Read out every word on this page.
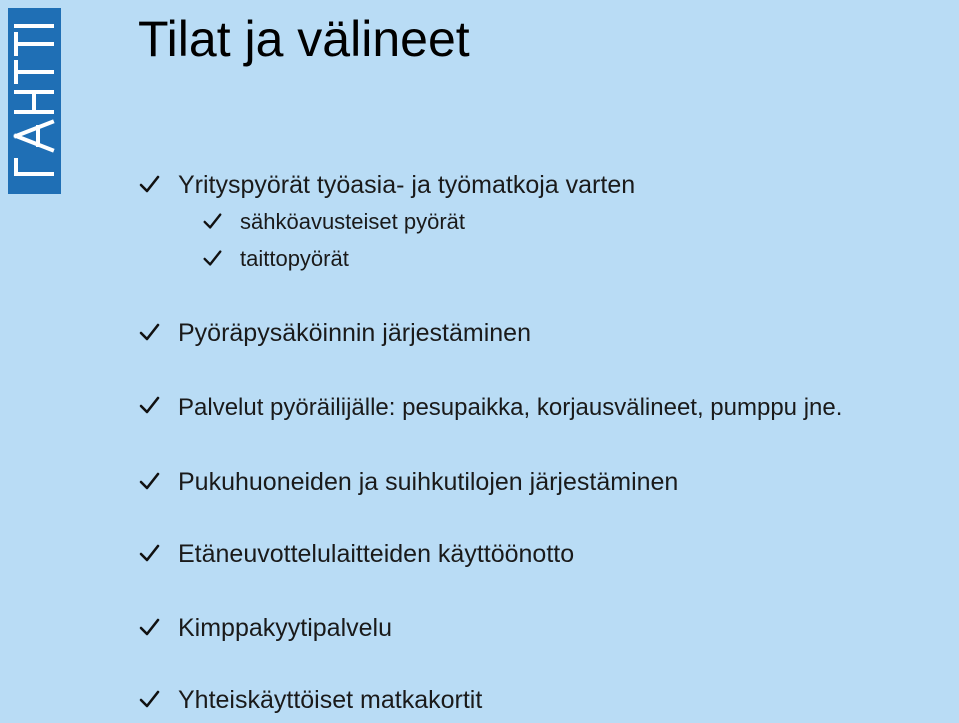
Tilat ja välineet
Yrityspyörät työasia- ja työmatkoja varten
sähköavusteiset pyörät
taittopyörät
Pyöräpysäköinnin järjestäminen
Palvelut pyöräilijälle: pesupaikka, korjausvälineet, pumppu jne.
Pukuhuoneiden ja suihkutilojen järjestäminen
Etäneuvottelulaitteiden käyttöönotto
Kimppakyytipalvelu
Yhteiskäyttöiset matkakortit
